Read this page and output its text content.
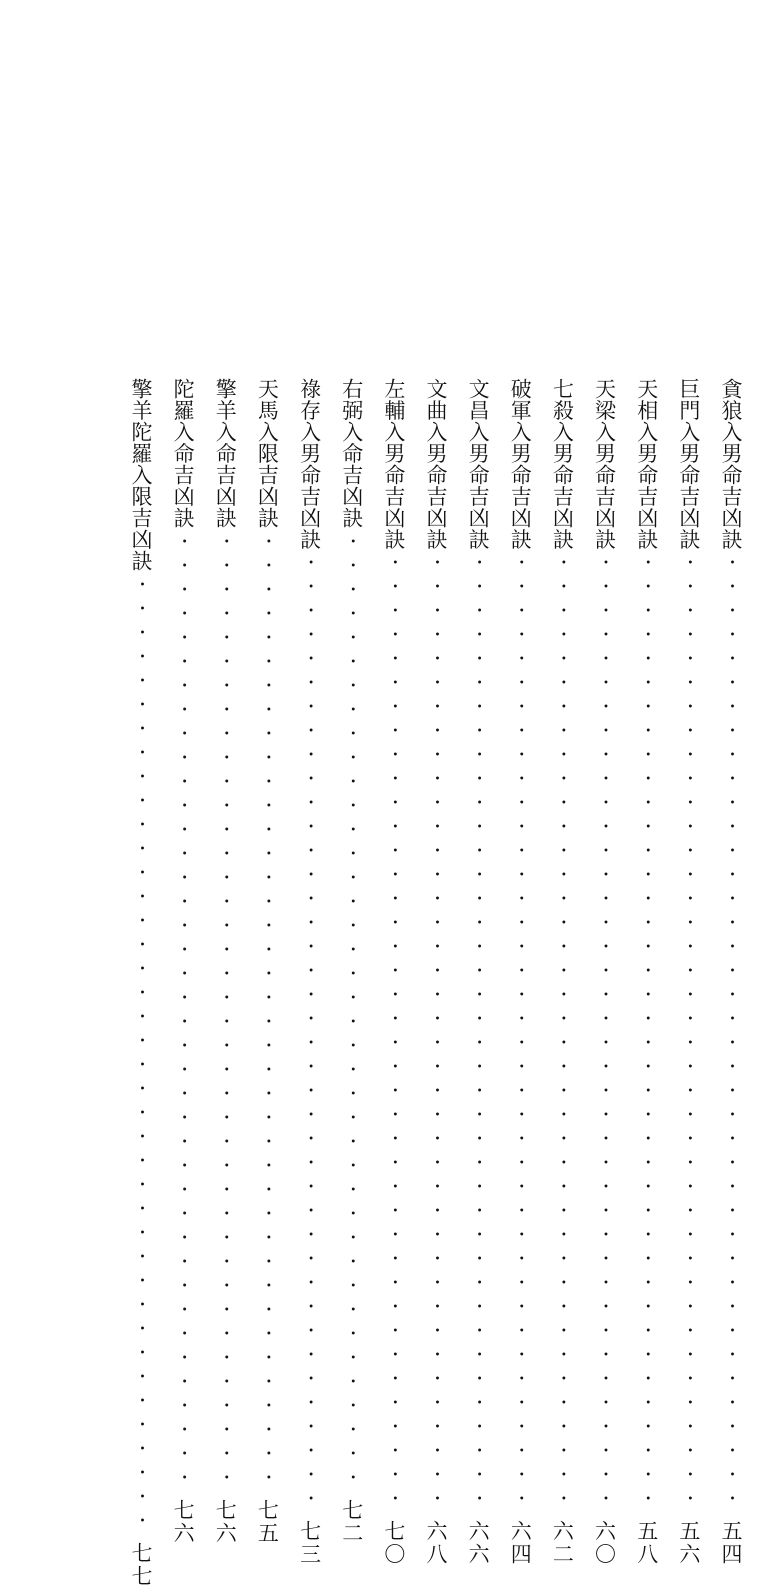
貪狼入男命吉凶訣
・・・・・・・・・・・・・・・・・・・・・・・・・・・・・・・・・・・・・・・・
五四
巨門入男命吉凶訣
・・・・・・・・・・・・・・・・・・・・・・・・・・・・・・・・・・・・・・・・
五六
天相入男命吉凶訣
・・・・・・・・・・・・・・・・・・・・・・・・・・・・・・・・・・・・・・・・
五八
天梁入男命吉凶訣
・・・・・・・・・・・・・・・・・・・・・・・・・・・・・・・・・・・・・・・・
六〇
七殺入男命吉凶訣
・・・・・・・・・・・・・・・・・・・・・・・・・・・・・・・・・・・・・・・・
六二
破軍入男命吉凶訣
・・・・・・・・・・・・・・・・・・・・・・・・・・・・・・・・・・・・・・・・
六四
文昌入男命吉凶訣
・・・・・・・・・・・・・・・・・・・・・・・・・・・・・・・・・・・・・・・・
六六
文曲入男命吉凶訣
・・・・・・・・・・・・・・・・・・・・・・・・・・・・・・・・・・・・・・・・
六八
左輔入男命吉凶訣
・・・・・・・・・・・・・・・・・・・・・・・・・・・・・・・・・・・・・・・・
七〇
右弼入命吉凶訣
・・・・・・・・・・・・・・・・・・・・・・・・・・・・・・・・・・・・・・・・
七二
祿存入男命吉凶訣
・・・・・・・・・・・・・・・・・・・・・・・・・・・・・・・・・・・・・・・・
七三
天馬入限吉凶訣
・・・・・・・・・・・・・・・・・・・・・・・・・・・・・・・・・・・・・・・・
七五
擎羊入命吉凶訣
・・・・・・・・・・・・・・・・・・・・・・・・・・・・・・・・・・・・・・・・
七六
陀羅入命吉凶訣
・・・・・・・・・・・・・・・・・・・・・・・・・・・・・・・・・・・・・・・・
七六
擎羊陀羅入限吉凶訣
・・・・・・・・・・・・・・・・・・・・・・・・・・・・・・・・・・・・・・・・
七七
